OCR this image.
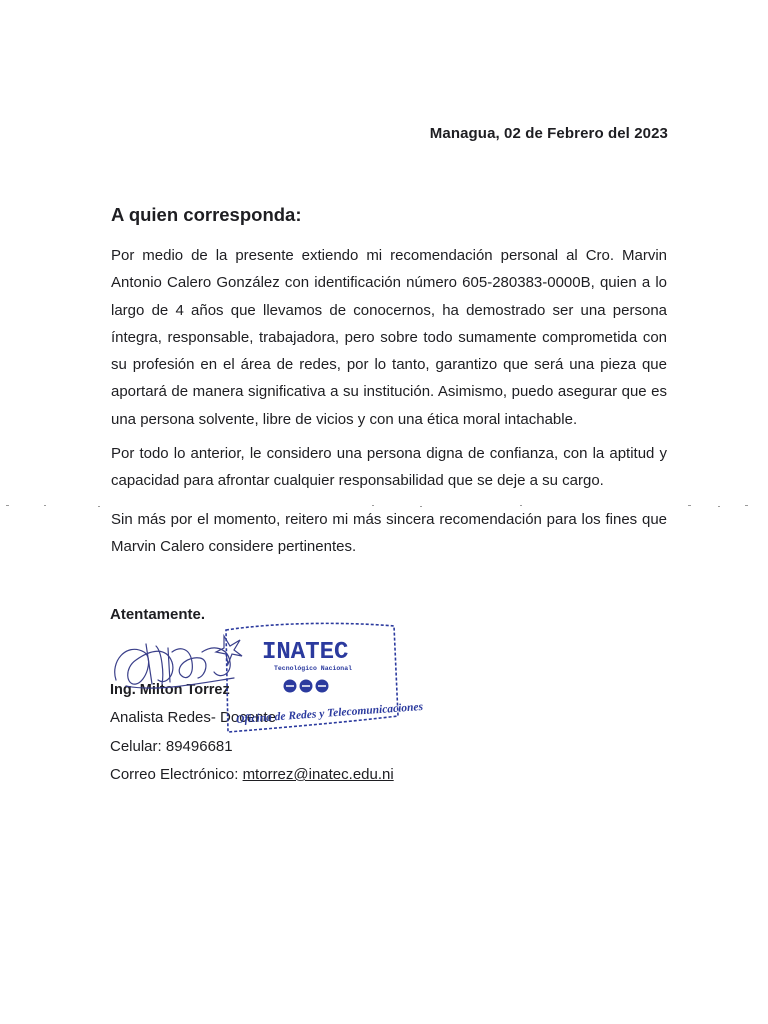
Managua, 02 de Febrero del 2023
A quien corresponda:
Por medio de la presente extiendo mi recomendación personal al Cro. Marvin Antonio Calero González con identificación número 605-280383-0000B, quien a lo largo de 4 años que llevamos de conocernos, ha demostrado ser una persona íntegra, responsable, trabajadora, pero sobre todo sumamente comprometida con su profesión en el área de redes, por lo tanto, garantizo que será una pieza que aportará de manera significativa a su institución. Asimismo, puedo asegurar que es una persona solvente, libre de vicios y con una ética moral intachable.
Por todo lo anterior, le considero una persona digna de confianza, con la aptitud y capacidad para afrontar cualquier responsabilidad que se deje a su cargo.
Sin más por el momento, reitero mi más sincera recomendación para los fines que Marvin Calero considere pertinentes.
Atentamente.
Ing. Milton Torrez
Analista Redes- Docente
Celular: 89496681
Correo Electrónico: mtorrez@inatec.edu.ni
INATEC
Tecnológico Nacional
Oficina de Redes y Telecomunicaciones
